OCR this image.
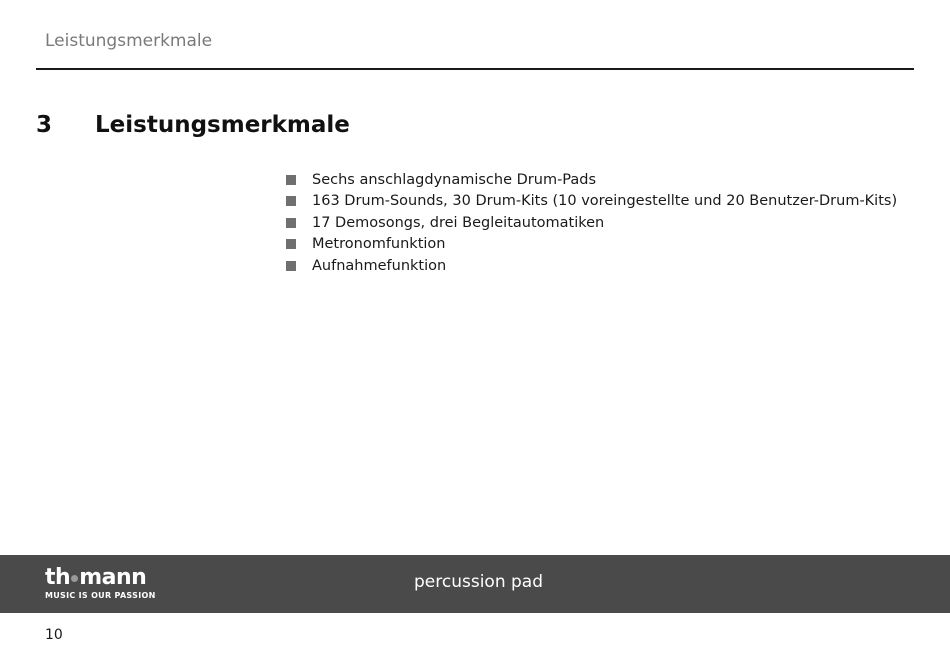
Leistungsmerkmale
3	Leistungsmerkmale
Sechs anschlagdynamische Drum-Pads
163 Drum-Sounds, 30 Drum-Kits (10 voreingestellte und 20 Benutzer-Drum-Kits)
17 Demosongs, drei Begleitautomatiken
Metronomfunktion
Aufnahmefunktion
th mann
MUSIC IS OUR PASSION
percussion pad
10
